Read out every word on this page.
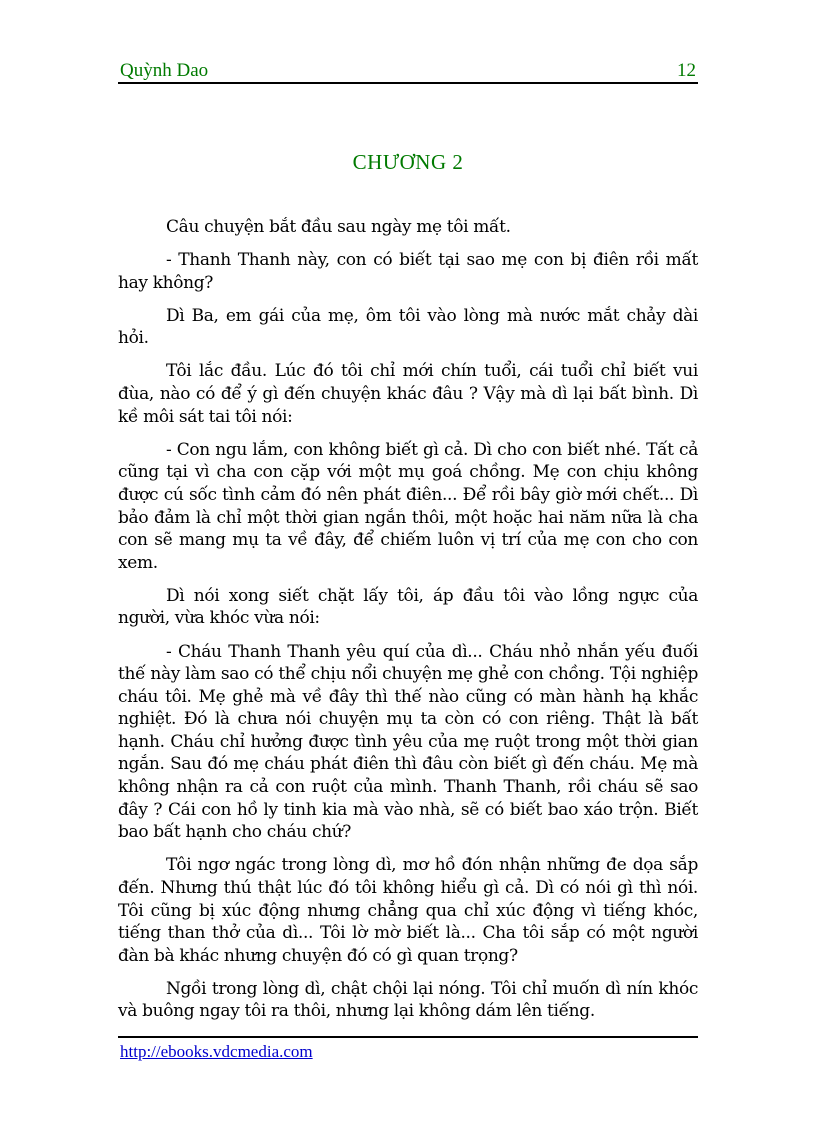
Quỳnh Dao	12
CHƯƠNG 2

Câu chuyện bắt đầu sau ngày mẹ tôi mất.

- Thanh Thanh này, con có biết tại sao mẹ con bị điên rồi mất hay không?

Dì Ba, em gái của mẹ, ôm tôi vào lòng mà nước mắt chảy dài hỏi.

Tôi lắc đầu. Lúc đó tôi chỉ mới chín tuổi, cái tuổi chỉ biết vui đùa, nào có để ý gì đến chuyện khác đâu ? Vậy mà dì lại bất bình. Dì kề môi sát tai tôi nói:

- Con ngu lắm, con không biết gì cả. Dì cho con biết nhé. Tất cả cũng tại vì cha con cặp với một mụ goá chồng. Mẹ con chịu không được cú sốc tình cảm đó nên phát điên... Để rồi bây giờ mới chết... Dì bảo đảm là chỉ một thời gian ngắn thôi, một hoặc hai năm nữa là cha con sẽ mang mụ ta về đây, để chiếm luôn vị trí của mẹ con cho con xem.

Dì nói xong siết chặt lấy tôi, áp đầu tôi vào lồng ngực của người, vừa khóc vừa nói:

- Cháu Thanh Thanh yêu quí của dì... Cháu nhỏ nhắn yếu đuối thế này làm sao có thể chịu nổi chuyện mẹ ghẻ con chồng. Tội nghiệp cháu tôi. Mẹ ghẻ mà về đây thì thế nào cũng có màn hành hạ khắc nghiệt. Đó là chưa nói chuyện mụ ta còn có con riêng. Thật là bất hạnh. Cháu chỉ hưởng được tình yêu của mẹ ruột trong một thời gian ngắn. Sau đó mẹ cháu phát điên thì đâu còn biết gì đến cháu. Mẹ mà không nhận ra cả con ruột của mình. Thanh Thanh, rồi cháu sẽ sao đây ? Cái con hồ ly tinh kia mà vào nhà, sẽ có biết bao xáo trộn. Biết bao bất hạnh cho cháu chứ?

Tôi ngơ ngác trong lòng dì, mơ hồ đón nhận những đe dọa sắp đến. Nhưng thú thật lúc đó tôi không hiểu gì cả. Dì có nói gì thì nói. Tôi cũng bị xúc động nhưng chẳng qua chỉ xúc động vì tiếng khóc, tiếng than thở của dì... Tôi lờ mờ biết là... Cha tôi sắp có một người đàn bà khác nhưng chuyện đó có gì quan trọng?

Ngồi trong lòng dì, chật chội lại nóng. Tôi chỉ muốn dì nín khóc và buông ngay tôi ra thôi, nhưng lại không dám lên tiếng.

http://ebooks.vdcmedia.com
